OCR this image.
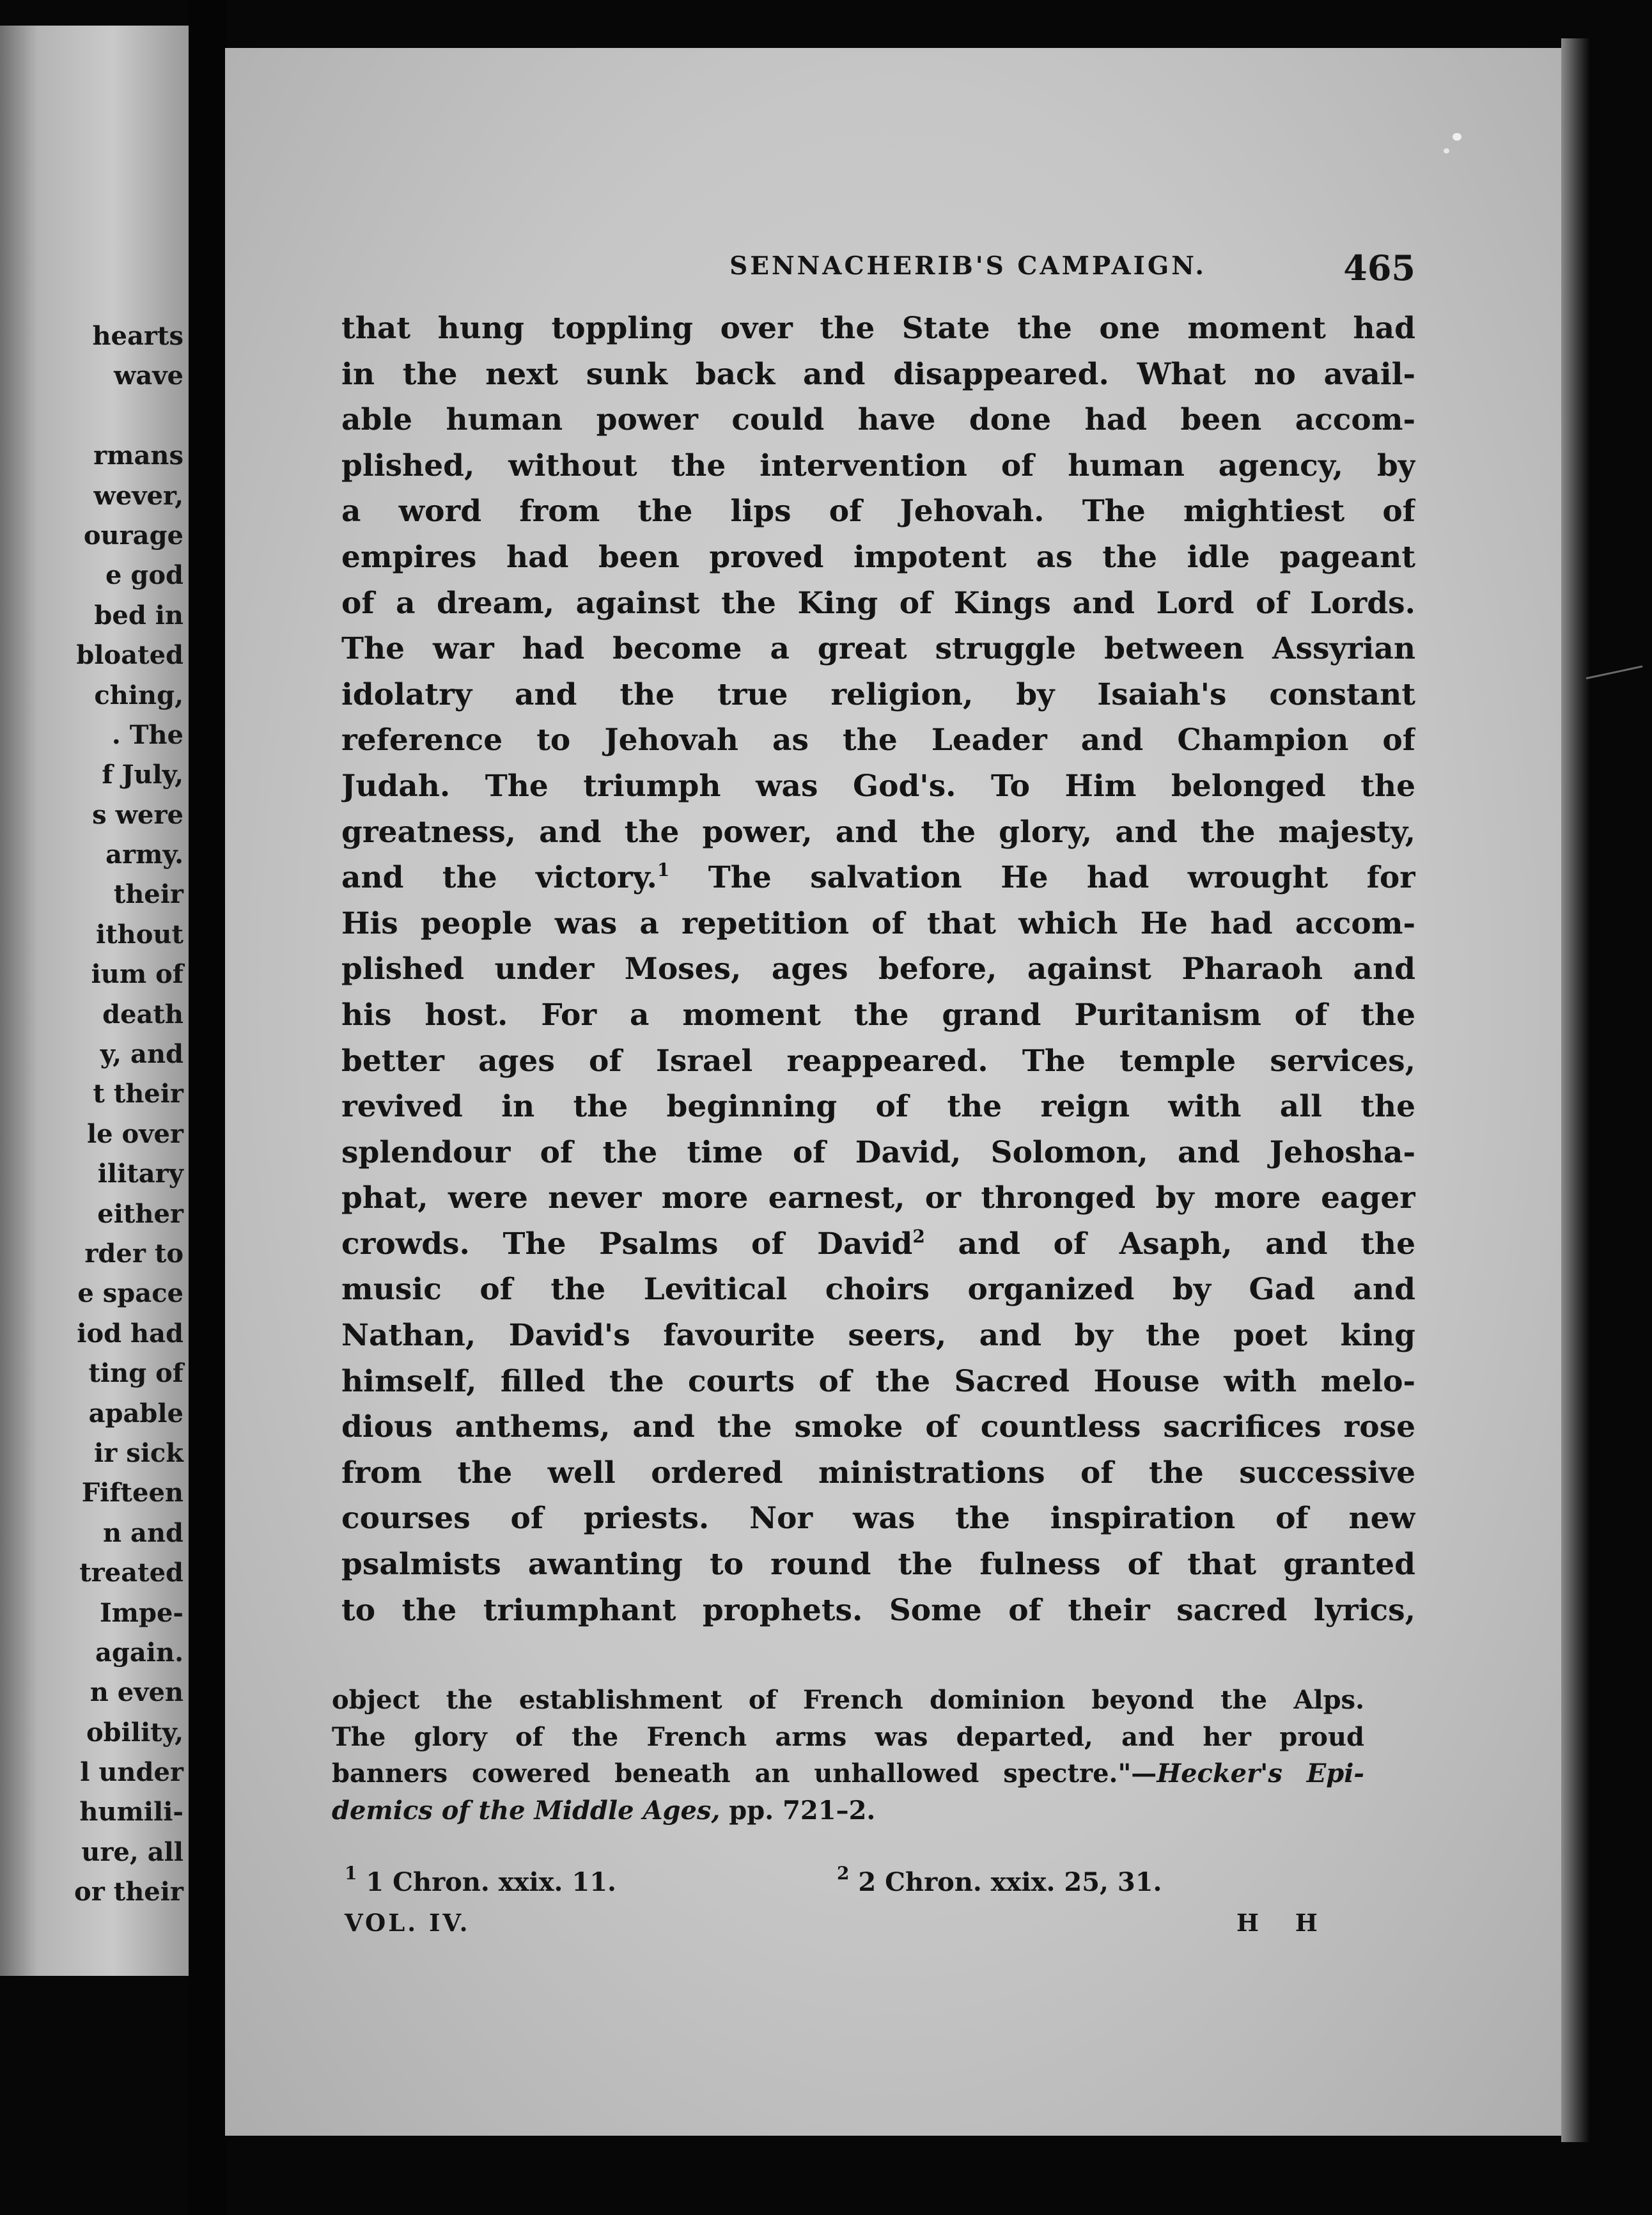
hearts
wave
rmans
wever,
ourage
e god
bed in
bloated
ching,
. The
f July,
s were
army.
their
ithout
ium of
death
y, and
t their
le over
ilitary
either
rder to
e space
iod had
ting of
apable
ir sick
Fifteen
n and
treated
Impe-
again.
n even
obility,
l under
humili-
ure, all
or their
SENNACHERIB'S CAMPAIGN.	465
that hung toppling over the State the one moment had
in the next sunk back and disappeared. What no avail-
able human power could have done had been accom-
plished, without the intervention of human agency, by
a word from the lips of Jehovah. The mightiest of
empires had been proved impotent as the idle pageant
of a dream, against the King of Kings and Lord of Lords.
The war had become a great struggle between Assyrian
idolatry and the true religion, by Isaiah's constant
reference to Jehovah as the Leader and Champion of
Judah. The triumph was God's. To Him belonged the
greatness, and the power, and the glory, and the majesty,
and the victory.$^1$ The salvation He had wrought for
His people was a repetition of that which He had accom-
plished under Moses, ages before, against Pharaoh and
his host. For a moment the grand Puritanism of the
better ages of Israel reappeared. The temple services,
revived in the beginning of the reign with all the
splendour of the time of David, Solomon, and Jehosha-
phat, were never more earnest, or thronged by more eager
crowds. The Psalms of David$^2$ and of Asaph, and the
music of the Levitical choirs organized by Gad and
Nathan, David's favourite seers, and by the poet king
himself, filled the courts of the Sacred House with melo-
dious anthems, and the smoke of countless sacrifices rose
from the well ordered ministrations of the successive
courses of priests. Nor was the inspiration of new
psalmists awanting to round the fulness of that granted
to the triumphant prophets. Some of their sacred lyrics,
object the establishment of French dominion beyond the Alps.
The glory of the French arms was departed, and her proud
banners cowered beneath an unhallowed spectre."—Hecker's Epi-
demics of the Middle Ages, pp. 721–2.
$^1$ 1 Chron. xxix. 11.	$^2$ 2 Chron. xxix. 25, 31.
VOL. IV.	H H
